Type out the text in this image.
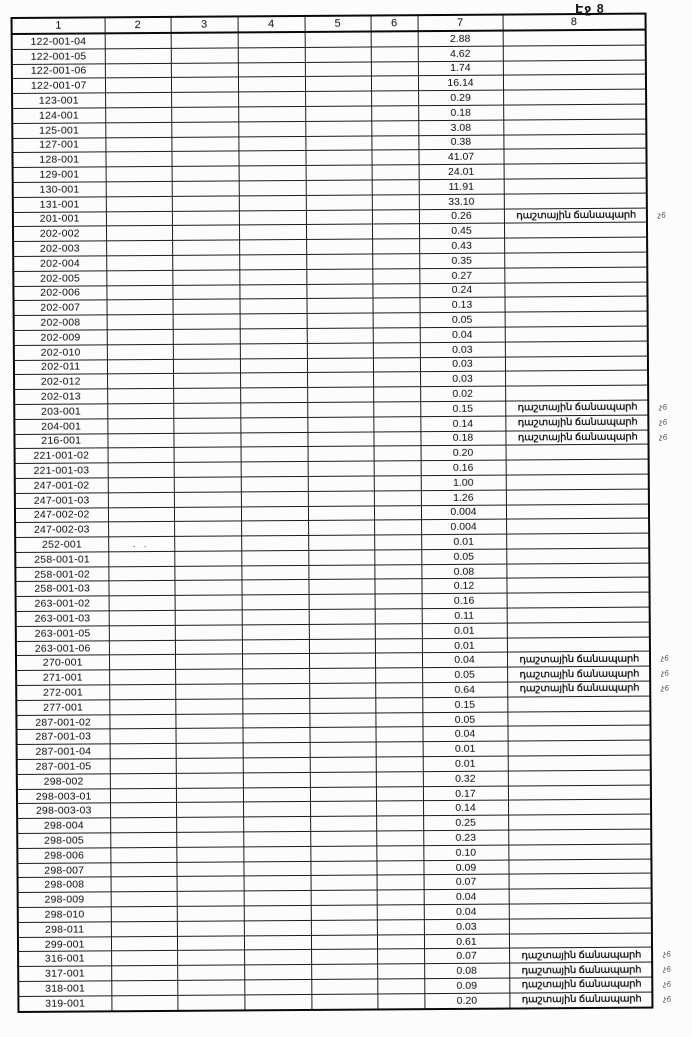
Էջ 8
1	2	3	4	5	6	7	8
122-001-04						2.88	
122-001-05						4.62	
122-001-06						1.74	
122-001-07						16.14	
123-001						0.29	
124-001						0.18	
125-001						3.08	
127-001						0.38	
128-001						41.07	
129-001						24.01	
130-001						11.91	
131-001						33.10	
201-001						0.26	դաշտային ճանապարհ չ6

202-002						0.45	
202-003						0.43	
202-004						0.35	
202-005						0.27	
202-006						0.24	
202-007						0.13	
202-008						0.05	
202-009						0.04	
202-010						0.03	
202-011						0.03	
202-012						0.03	
202-013						0.02	
203-001						0.15	դաշտային ճանապարհ չ6

204-001						0.14	դաշտային ճանապարհ չ6

216-001						0.18	դաշտային ճանապարհ չ6

221-001-02						0.20	
221-001-03						0.16	
247-001-02						1.00	
247-001-03						1.26	
247-002-02						0.004	
247-002-03						0.004	
252-001	. .					0.01	
258-001-01						0.05	
258-001-02						0.08	
258-001-03						0.12	
263-001-02						0.16	
263-001-03						0.11	
263-001-05						0.01	
263-001-06						0.01	
270-001						0.04	դաշտային ճանապարհ չ6

271-001						0.05	դաշտային ճանապարհ չ6

272-001						0.64	դաշտային ճանապարհ չ6

277-001						0.15	
287-001-02						0.05	
287-001-03						0.04	
287-001-04						0.01	
287-001-05						0.01	
298-002						0.32	
298-003-01						0.17	
298-003-03						0.14	
298-004						0.25	
298-005						0.23	
298-006						0.10	
298-007						0.09	
298-008						0.07	
298-009						0.04	
298-010						0.04	
298-011						0.03	
299-001						0.61	
316-001						0.07	դաշտային ճանապարհ չ6

317-001						0.08	դաշտային ճանապարհ չ6

318-001						0.09	դաշտային ճանապարհ չ6

319-001						0.20	դաշտային ճանապարհ չ6
